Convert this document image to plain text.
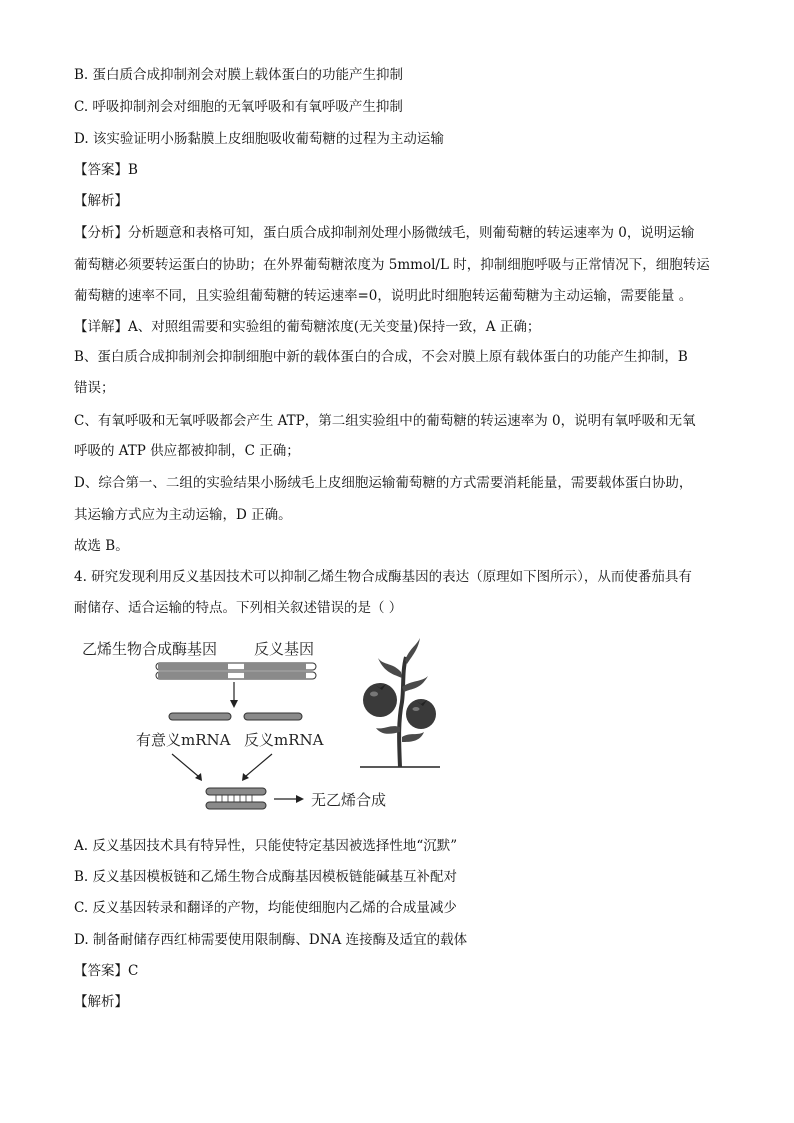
B. 蛋白质合成抑制剂会对膜上载体蛋白的功能产生抑制
C. 呼吸抑制剂会对细胞的无氧呼吸和有氧呼吸产生抑制
D. 该实验证明小肠黏膜上皮细胞吸收葡萄糖的过程为主动运输
【答案】B
【解析】
【分析】分析题意和表格可知，蛋白质合成抑制剂处理小肠微绒毛，则葡萄糖的转运速率为 0，说明运输
葡萄糖必须要转运蛋白的协助；在外界葡萄糖浓度为 5mmol/L 时，抑制细胞呼吸与正常情况下，细胞转运
葡萄糖的速率不同，且实验组葡萄糖的转运速率=0，说明此时细胞转运葡萄糖为主动运输，需要能量 。
【详解】A、对照组需要和实验组的葡萄糖浓度(无关变量)保持一致，A 正确；
B、蛋白质合成抑制剂会抑制细胞中新的载体蛋白的合成，不会对膜上原有载体蛋白的功能产生抑制，B
错误；
C、有氧呼吸和无氧呼吸都会产生 ATP，第二组实验组中的葡萄糖的转运速率为 0，说明有氧呼吸和无氧
呼吸的 ATP 供应都被抑制，C 正确；
D、综合第一、二组的实验结果小肠绒毛上皮细胞运输葡萄糖的方式需要消耗能量，需要载体蛋白协助，
其运输方式应为主动运输，D 正确。
故选 B。
4. 研究发现利用反义基因技术可以抑制乙烯生物合成酶基因的表达（原理如下图所示），从而使番茄具有
耐储存、适合运输的特点。下列相关叙述错误的是（ ）
乙烯生物合成酶基因 反义基因
有意义mRNA 反义mRNA
无乙烯合成
A. 反义基因技术具有特异性，只能使特定基因被选择性地“沉默”
B. 反义基因模板链和乙烯生物合成酶基因模板链能碱基互补配对
C. 反义基因转录和翻译的产物，均能使细胞内乙烯的合成量减少
D. 制备耐储存西红柿需要使用限制酶、DNA 连接酶及适宜的载体
【答案】C
【解析】
